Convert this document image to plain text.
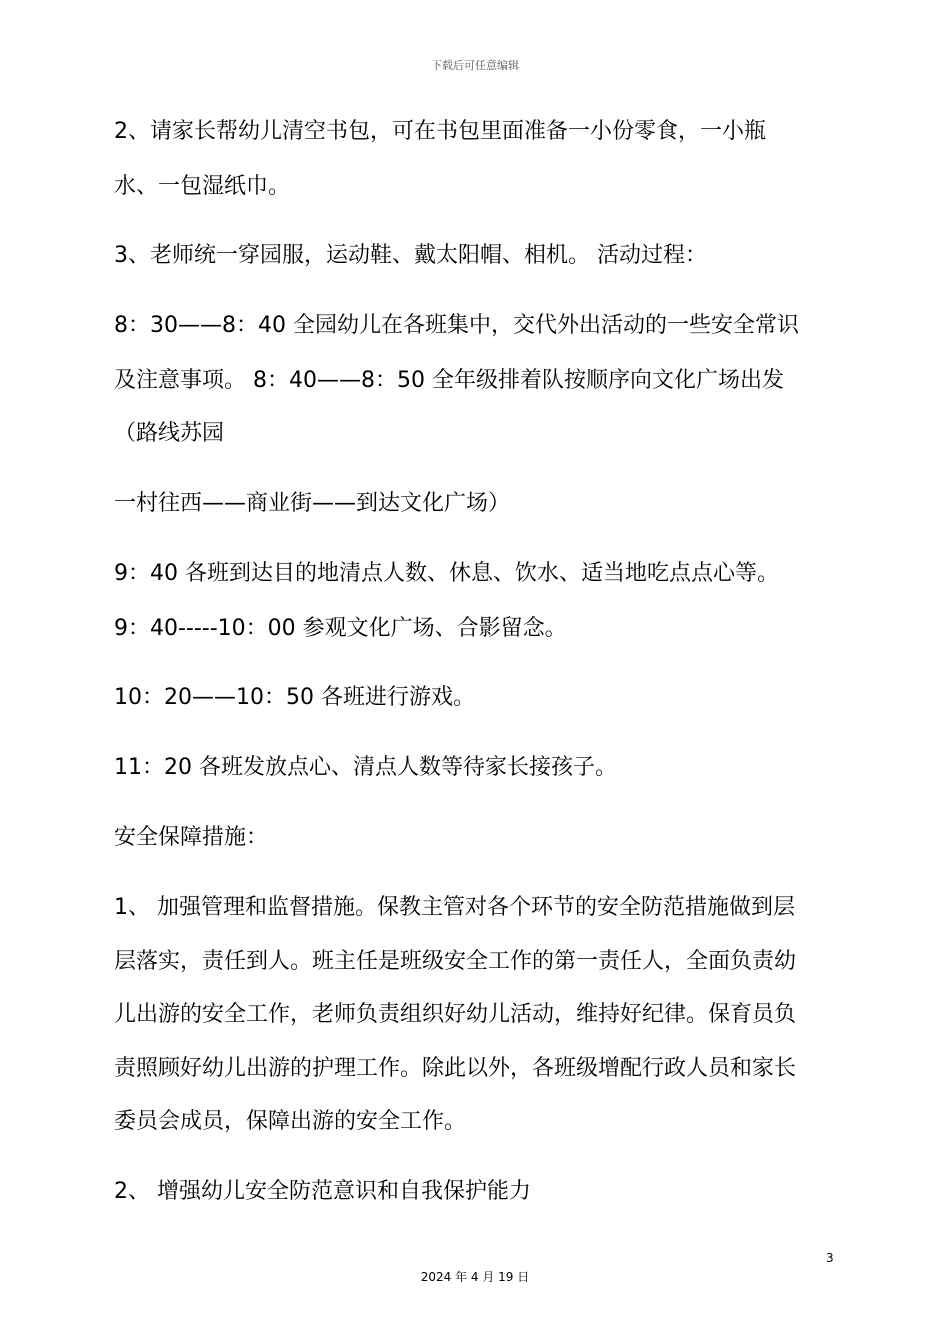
下载后可任意编辑
2、请家长帮幼儿清空书包，可在书包里面准备一小份零食，一小瓶
水、一包湿纸巾。
3、老师统一穿园服，运动鞋、戴太阳帽、相机。 活动过程：
8：30——8：40 全园幼儿在各班集中，交代外出活动的一些安全常识
及注意事项。 8：40——8：50 全年级排着队按顺序向文化广场出发
（路线苏园
一村往西——商业街——到达文化广场）
9：40 各班到达目的地清点人数、休息、饮水、适当地吃点点心等。
9：40-----10：00 参观文化广场、合影留念。
10：20——10：50 各班进行游戏。
11：20 各班发放点心、清点人数等待家长接孩子。
安全保障措施：
1、 加强管理和监督措施。保教主管对各个环节的安全防范措施做到层
层落实，责任到人。班主任是班级安全工作的第一责任人，全面负责幼
儿出游的安全工作，老师负责组织好幼儿活动，维持好纪律。保育员负
责照顾好幼儿出游的护理工作。除此以外，各班级增配行政人员和家长
委员会成员，保障出游的安全工作。
2、 增强幼儿安全防范意识和自我保护能力
3
2024 年 4 月 19 日
